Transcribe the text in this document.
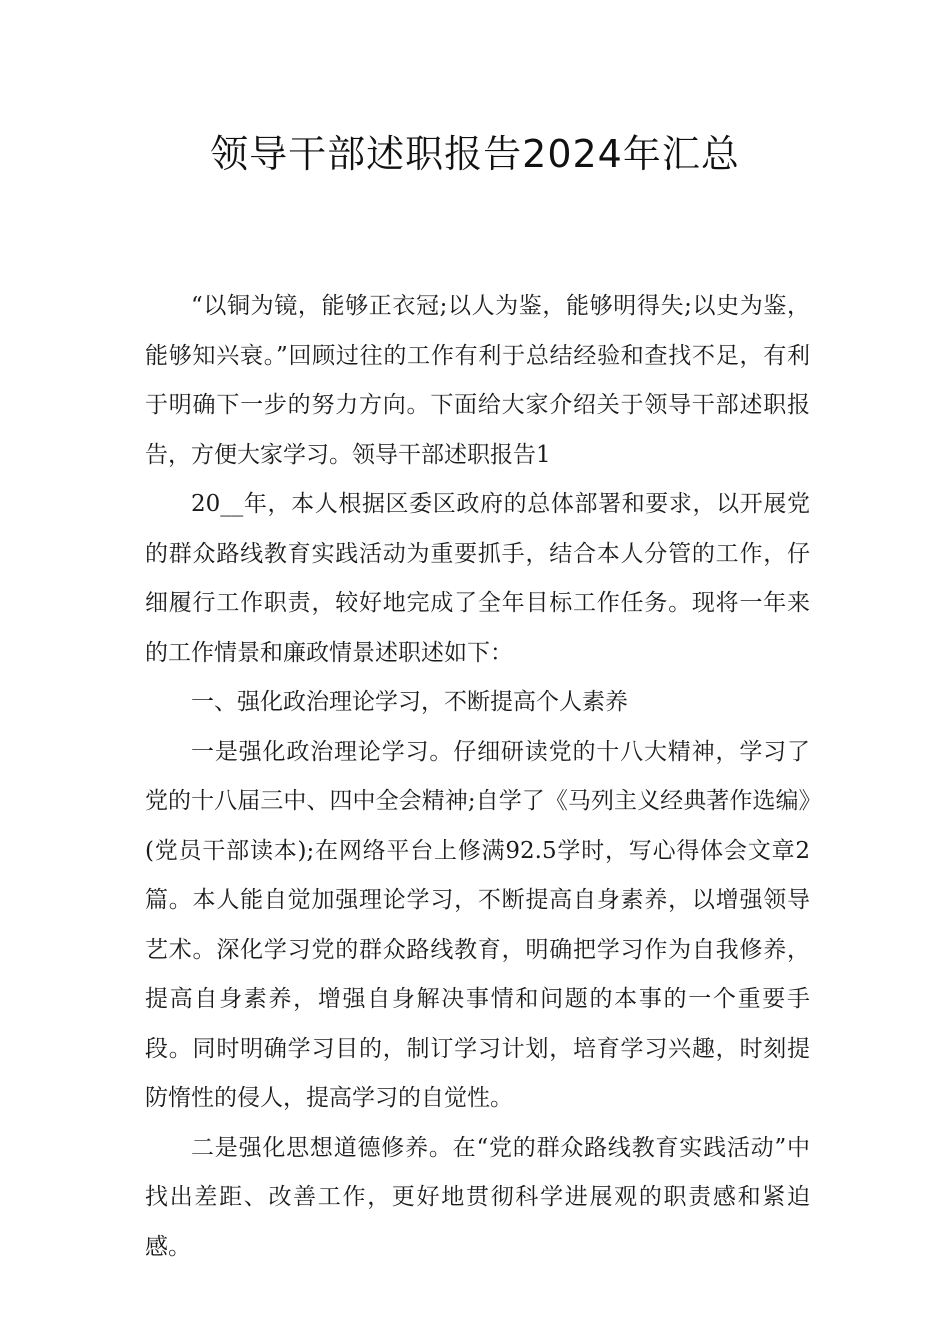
领导干部述职报告2024年汇总

“以铜为镜，能够正衣冠;以人为鉴，能够明得失;以史为鉴，能够知兴衰。”回顾过往的工作有利于总结经验和查找不足，有利于明确下一步的努力方向。下面给大家介绍关于领导干部述职报告，方便大家学习。领导干部述职报告1

20__年，本人根据区委区政府的总体部署和要求，以开展党的群众路线教育实践活动为重要抓手，结合本人分管的工作，仔细履行工作职责，较好地完成了全年目标工作任务。现将一年来的工作情景和廉政情景述职述如下：

一、强化政治理论学习，不断提高个人素养

一是强化政治理论学习。仔细研读党的十八大精神，学习了党的十八届三中、四中全会精神;自学了《马列主义经典著作选编》(党员干部读本);在网络平台上修满92.5学时，写心得体会文章2篇。本人能自觉加强理论学习，不断提高自身素养，以增强领导艺术。深化学习党的群众路线教育，明确把学习作为自我修养，提高自身素养，增强自身解决事情和问题的本事的一个重要手段。同时明确学习目的，制订学习计划，培育学习兴趣，时刻提防惰性的侵人，提高学习的自觉性。

二是强化思想道德修养。在“党的群众路线教育实践活动”中找出差距、改善工作，更好地贯彻科学进展观的职责感和紧迫感。
